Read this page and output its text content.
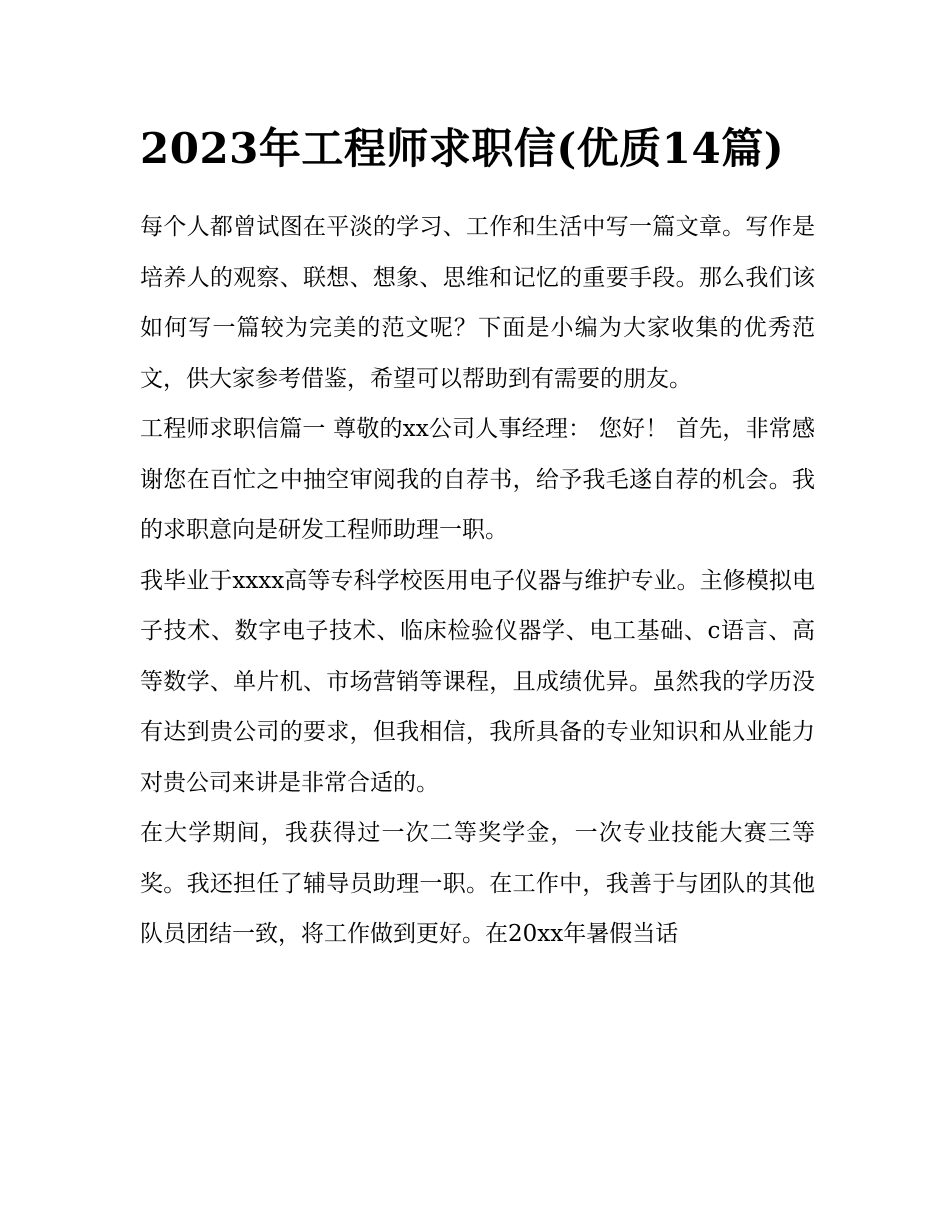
2023年工程师求职信(优质14篇)

每个人都曾试图在平淡的学习、工作和生活中写一篇文章。写作是培养人的观察、联想、想象、思维和记忆的重要手段。那么我们该如何写一篇较为完美的范文呢？下面是小编为大家收集的优秀范文，供大家参考借鉴，希望可以帮助到有需要的朋友。

工程师求职信篇一 尊敬的xx公司人事经理： 您好！ 首先，非常感谢您在百忙之中抽空审阅我的自荐书，给予我毛遂自荐的机会。我的求职意向是研发工程师助理一职。

我毕业于xxxx高等专科学校医用电子仪器与维护专业。主修模拟电子技术、数字电子技术、临床检验仪器学、电工基础、c语言、高等数学、单片机、市场营销等课程，且成绩优异。虽然我的学历没有达到贵公司的要求，但我相信，我所具备的专业知识和从业能力对贵公司来讲是非常合适的。

在大学期间，我获得过一次二等奖学金，一次专业技能大赛三等奖。我还担任了辅导员助理一职。在工作中，我善于与团队的其他队员团结一致，将工作做到更好。在20xx年暑假当话
